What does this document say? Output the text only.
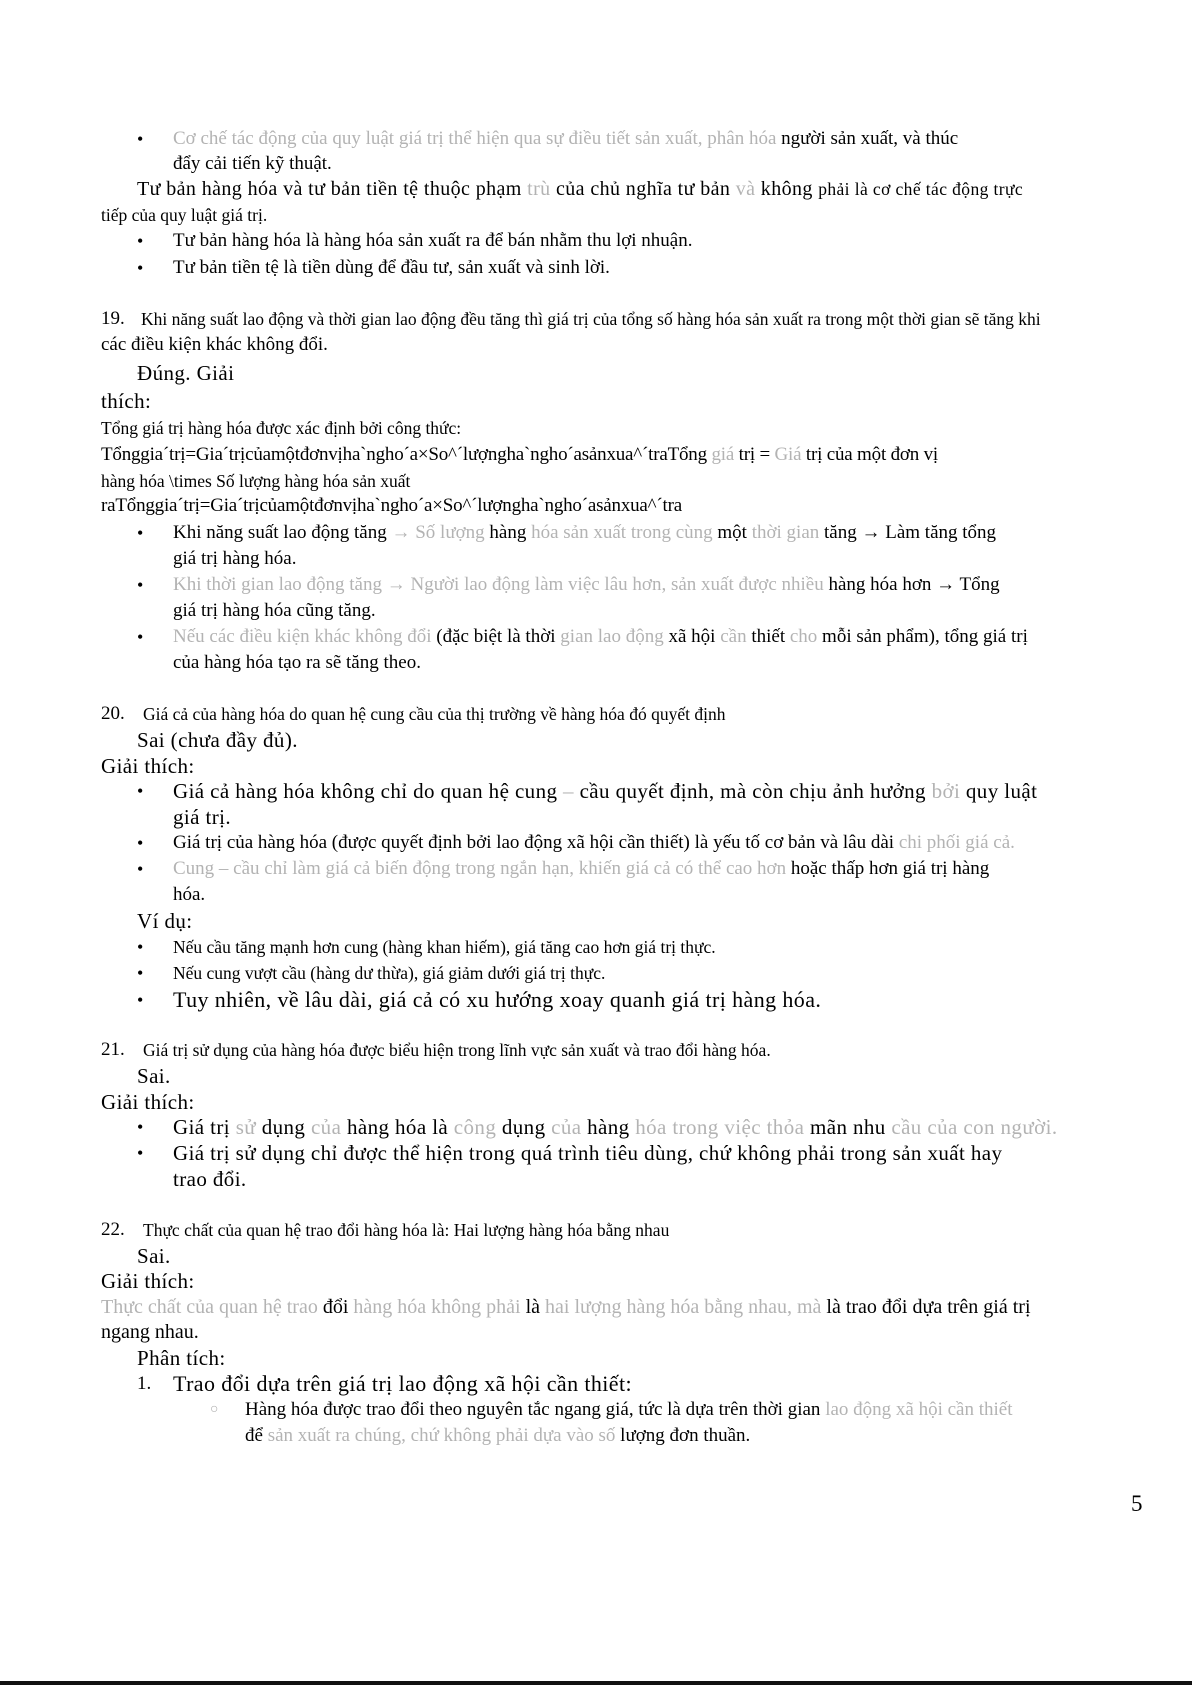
• Cơ chế tác động của quy luật giá trị thể hiện qua sự điều tiết sản xuất, phân hóa người sản xuất, và thúc
đẩy cải tiến kỹ thuật.
Tư bản hàng hóa và tư bản tiền tệ thuộc phạm trù của chủ nghĩa tư bản và không phải là cơ chế tác động trực
tiếp của quy luật giá trị.
• Tư bản hàng hóa là hàng hóa sản xuất ra để bán nhằm thu lợi nhuận.
• Tư bản tiền tệ là tiền dùng để đầu tư, sản xuất và sinh lời.
19. Khi năng suất lao động và thời gian lao động đều tăng thì giá trị của tổng số hàng hóa sản xuất ra trong một thời gian sẽ tăng khi
các điều kiện khác không đổi.
Đúng. Giải
thích:
Tổng giá trị hàng hóa được xác định bởi công thức:
Tổnggia´trị=Gia´trịcủamộtđơnvịha`ngho´a×So^´lượngha`ngho´asảnxua^´traTổng giá trị = Giá trị của một đơn vị
hàng hóa \times Số lượng hàng hóa sản xuất
raTổnggia´trị=Gia´trịcủamộtđơnvịha`ngho´a×So^´lượngha`ngho´asảnxua^´tra
• Khi năng suất lao động tăng → Số lượng hàng hóa sản xuất trong cùng một thời gian tăng → Làm tăng tổng
giá trị hàng hóa.
• Khi thời gian lao động tăng → Người lao động làm việc lâu hơn, sản xuất được nhiều hàng hóa hơn → Tổng
giá trị hàng hóa cũng tăng.
• Nếu các điều kiện khác không đổi (đặc biệt là thời gian lao động xã hội cần thiết cho mỗi sản phẩm), tổng giá trị
của hàng hóa tạo ra sẽ tăng theo.
20. Giá cả của hàng hóa do quan hệ cung cầu của thị trường về hàng hóa đó quyết định
Sai (chưa đầy đủ).
Giải thích:
• Giá cả hàng hóa không chỉ do quan hệ cung – cầu quyết định, mà còn chịu ảnh hưởng bởi quy luật
giá trị.
• Giá trị của hàng hóa (được quyết định bởi lao động xã hội cần thiết) là yếu tố cơ bản và lâu dài chi phối giá cả.
• Cung – cầu chỉ làm giá cả biến động trong ngắn hạn, khiến giá cả có thể cao hơn hoặc thấp hơn giá trị hàng
hóa.
Ví dụ:
• Nếu cầu tăng mạnh hơn cung (hàng khan hiếm), giá tăng cao hơn giá trị thực.
• Nếu cung vượt cầu (hàng dư thừa), giá giảm dưới giá trị thực.
• Tuy nhiên, về lâu dài, giá cả có xu hướng xoay quanh giá trị hàng hóa.
21. Giá trị sử dụng của hàng hóa được biểu hiện trong lĩnh vực sản xuất và trao đổi hàng hóa.
Sai.
Giải thích:
• Giá trị sử dụng của hàng hóa là công dụng của hàng hóa trong việc thỏa mãn nhu cầu của con người.
• Giá trị sử dụng chỉ được thể hiện trong quá trình tiêu dùng, chứ không phải trong sản xuất hay
trao đổi.
22. Thực chất của quan hệ trao đổi hàng hóa là: Hai lượng hàng hóa bằng nhau
Sai.
Giải thích:
Thực chất của quan hệ trao đổi hàng hóa không phải là hai lượng hàng hóa bằng nhau, mà là trao đổi dựa trên giá trị
ngang nhau.
Phân tích:
1. Trao đổi dựa trên giá trị lao động xã hội cần thiết:
○ Hàng hóa được trao đổi theo nguyên tắc ngang giá, tức là dựa trên thời gian lao động xã hội cần thiết
để sản xuất ra chúng, chứ không phải dựa vào số lượng đơn thuần.
5
